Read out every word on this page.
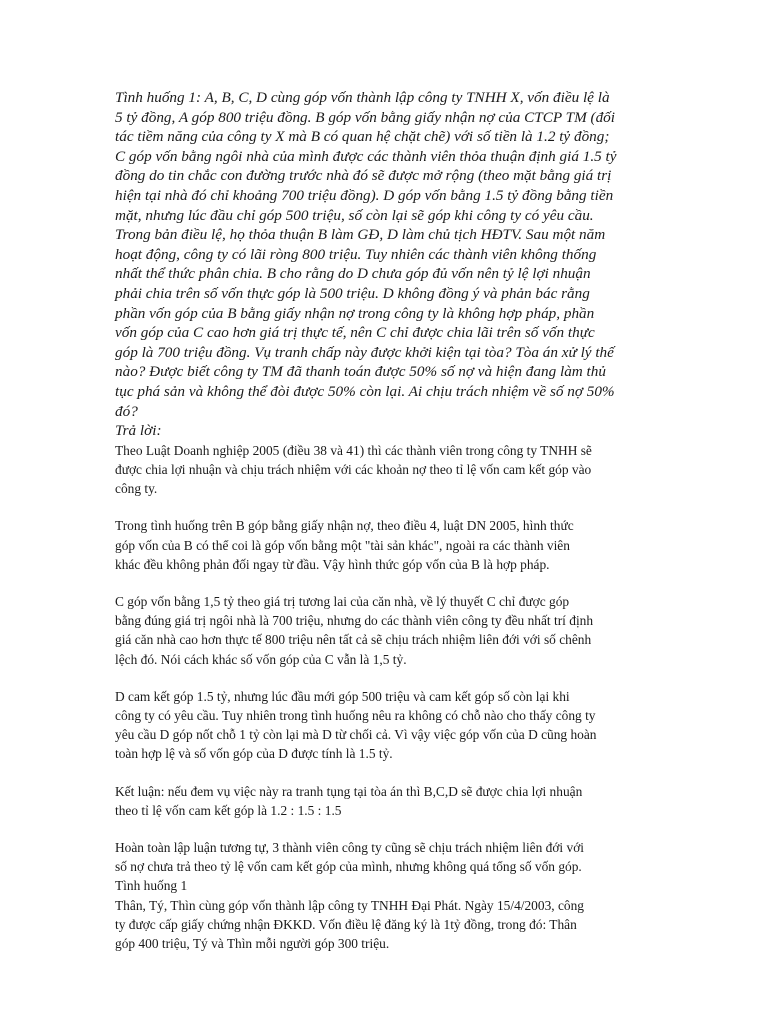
Tình huống 1: A, B, C, D cùng góp vốn thành lập công ty TNHH X, vốn điều lệ là
5 tỷ đồng, A góp 800 triệu đồng. B góp vốn bằng giấy nhận nợ của CTCP TM (đối
tác tiềm năng của công ty X mà B có quan hệ chặt chẽ) với số tiền là 1.2 tỷ đồng;
C góp vốn bằng ngôi nhà của mình được các thành viên thỏa thuận định giá 1.5 tỷ
đồng do tin chắc con đường trước nhà đó sẽ được mở rộng (theo mặt bằng giá trị
hiện tại nhà đó chỉ khoảng 700 triệu đồng). D góp vốn bằng 1.5 tỷ đồng bằng tiền
mặt, nhưng lúc đầu chỉ góp 500 triệu, số còn lại sẽ góp khi công ty có yêu cầu.
Trong bản điều lệ, họ thỏa thuận B làm GĐ, D làm chủ tịch HĐTV. Sau một năm
hoạt động, công ty có lãi ròng 800 triệu. Tuy nhiên các thành viên không thống
nhất thể thức phân chia. B cho rằng do D chưa góp đủ vốn nên tỷ lệ lợi nhuận
phải chia trên số vốn thực góp là 500 triệu. D không đồng ý và phản bác rằng
phần vốn góp của B bằng giấy nhận nợ trong công ty là không hợp pháp, phần
vốn góp của C cao hơn giá trị thực tế, nên C chỉ được chia lãi trên số vốn thực
góp là 700 triệu đồng. Vụ tranh chấp này được khởi kiện tại tòa? Tòa án xử lý thế
nào? Được biết công ty TM đã thanh toán được 50% số nợ và hiện đang làm thủ
tục phá sản và không thể đòi được 50% còn lại. Ai chịu trách nhiệm về số nợ 50%
đó?

Trả lời:

Theo Luật Doanh nghiệp 2005 (điều 38 và 41) thì các thành viên trong công ty TNHH sẽ
được chia lợi nhuận và chịu trách nhiệm với các khoản nợ theo tỉ lệ vốn cam kết góp vào
công ty.

Trong tình huống trên B góp bằng giấy nhận nợ, theo điều 4, luật DN 2005, hình thức
góp vốn của B có thể coi là góp vốn bằng một "tài sản khác", ngoài ra các thành viên
khác đều không phản đối ngay từ đầu. Vậy hình thức góp vốn của B là hợp pháp.

C góp vốn bằng 1,5 tỷ theo giá trị tương lai của căn nhà, về lý thuyết C chỉ được góp
bằng đúng giá trị ngôi nhà là 700 triệu, nhưng do các thành viên công ty đều nhất trí định
giá căn nhà cao hơn thực tế 800 triệu nên tất cả sẽ chịu trách nhiệm liên đới với số chênh
lệch đó. Nói cách khác số vốn góp của C vẫn là 1,5 tỷ.

D cam kết góp 1.5 tỷ, nhưng lúc đầu mới góp 500 triệu và cam kết góp số còn lại khi
công ty có yêu cầu. Tuy nhiên trong tình huống nêu ra không có chỗ nào cho thấy công ty
yêu cầu D góp nốt chỗ 1 tỷ còn lại mà D từ chối cả. Vì vậy việc góp vốn của D cũng hoàn
toàn hợp lệ và số vốn góp của D được tính là 1.5 tỷ.

Kết luận: nếu đem vụ việc này ra tranh tụng tại tòa án thì B,C,D sẽ được chia lợi nhuận
theo tỉ lệ vốn cam kết góp là 1.2 : 1.5 : 1.5

Hoàn toàn lập luận tương tự, 3 thành viên công ty cũng sẽ chịu trách nhiệm liên đới với
số nợ chưa trả theo tỷ lệ vốn cam kết góp của mình, nhưng không quá tổng số vốn góp.

Tình huống 1

Thân, Tý, Thìn cùng góp vốn thành lập công ty TNHH Đại Phát. Ngày 15/4/2003, công
ty được cấp giấy chứng nhận ĐKKD. Vốn điều lệ đăng ký là 1tỷ đồng, trong đó: Thân
góp 400 triệu, Tý và Thìn mỗi người góp 300 triệu.
